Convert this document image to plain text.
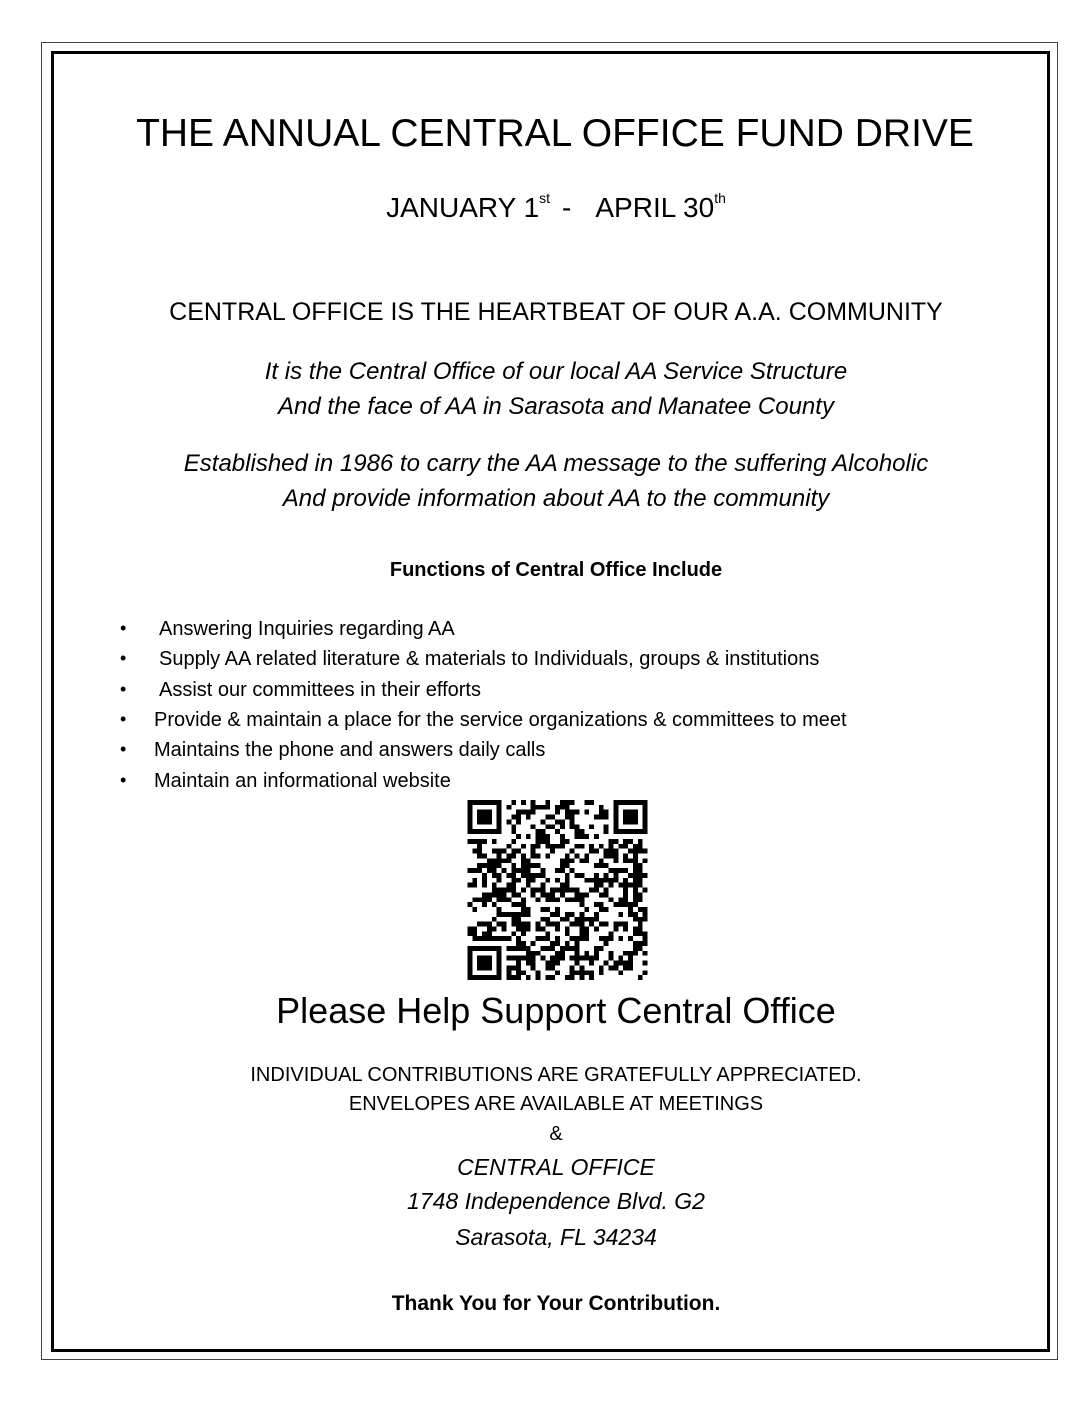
THE ANNUAL CENTRAL OFFICE FUND DRIVE
JANUARY 1st - APRIL 30th
CENTRAL OFFICE IS THE HEARTBEAT OF OUR A.A. COMMUNITY
It is the Central Office of our local AA Service Structure
And the face of AA in Sarasota and Manatee County
Established in 1986 to carry the AA message to the suffering Alcoholic
And provide information about AA to the community
Functions of Central Office Include
• Answering Inquiries regarding AA
• Supply AA related literature & materials to Individuals, groups & institutions
• Assist our committees in their efforts
• Provide & maintain a place for the service organizations & committees to meet
• Maintains the phone and answers daily calls
• Maintain an informational website
Please Help Support Central Office
INDIVIDUAL CONTRIBUTIONS ARE GRATEFULLY APPRECIATED.
ENVELOPES ARE AVAILABLE AT MEETINGS
&
CENTRAL OFFICE
1748 Independence Blvd. G2
Sarasota, FL 34234
Thank You for Your Contribution.
